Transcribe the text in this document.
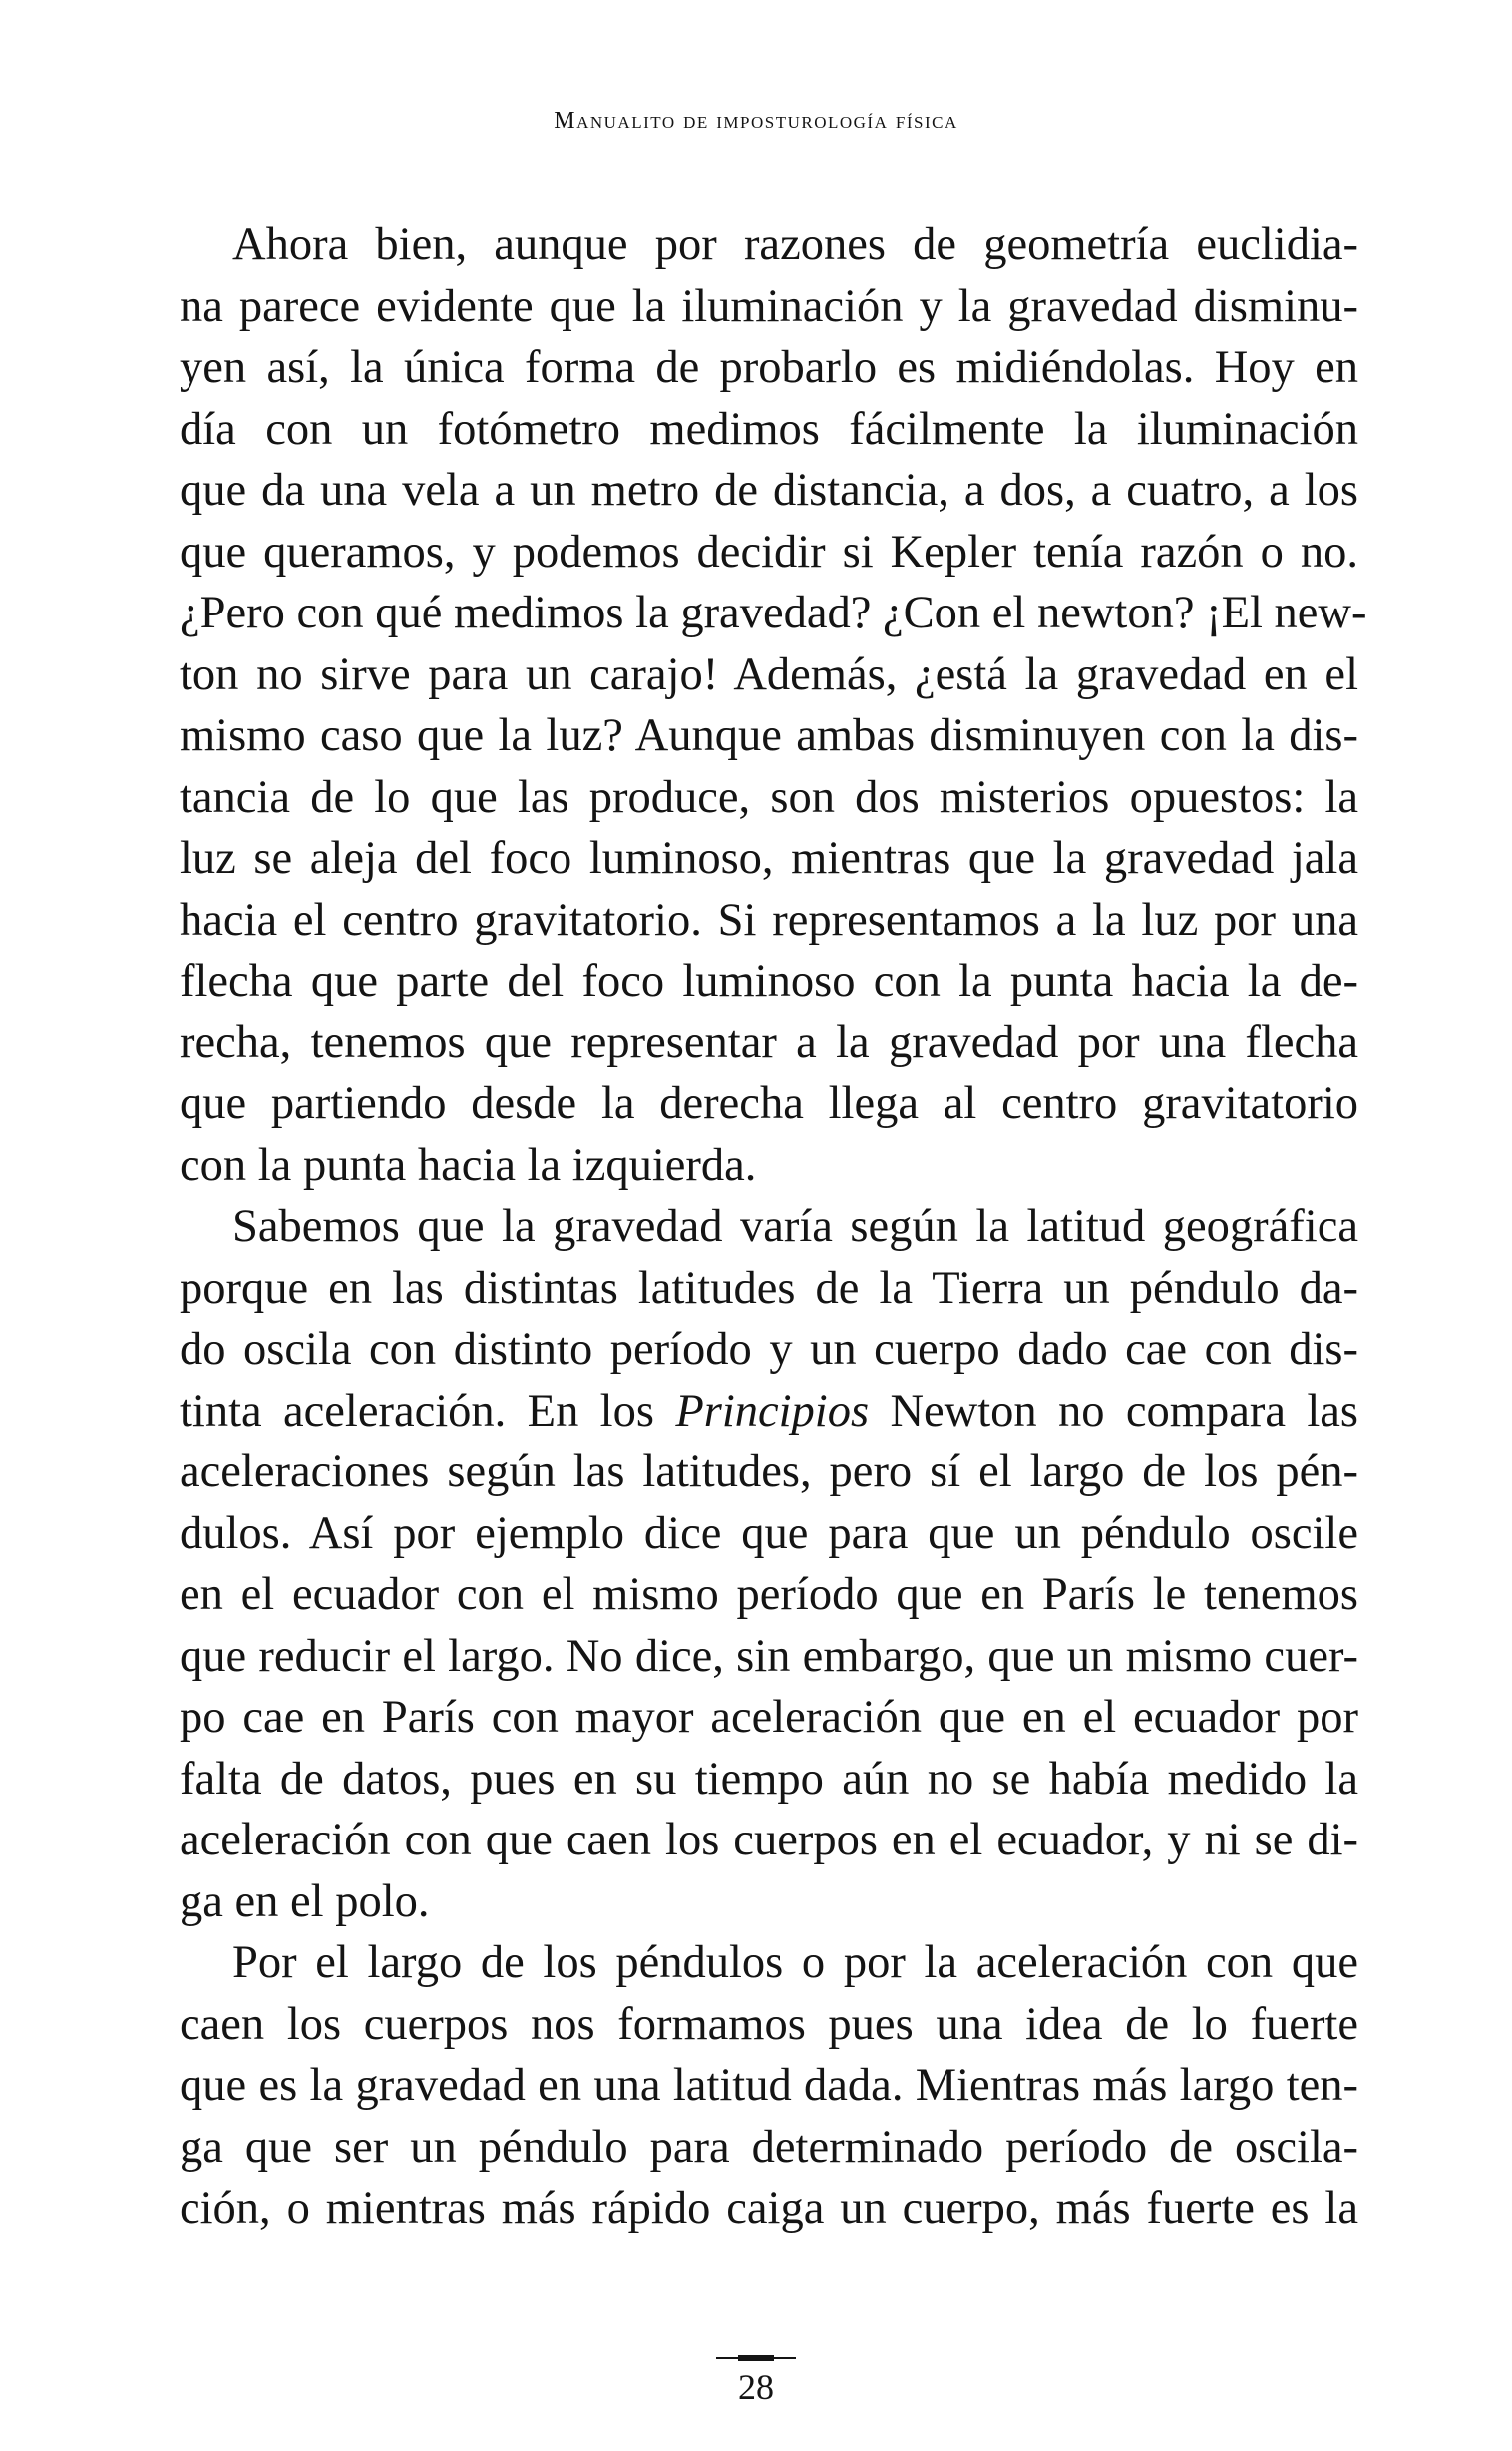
Manualito de imposturología física
Ahora bien, aunque por razones de geometría euclidia-
na parece evidente que la iluminación y la gravedad disminu-
yen así, la única forma de probarlo es midiéndolas. Hoy en
día con un fotómetro medimos fácilmente la iluminación
que da una vela a un metro de distancia, a dos, a cuatro, a los
que queramos, y podemos decidir si Kepler tenía razón o no.
¿Pero con qué medimos la gravedad? ¿Con el newton? ¡El new-
ton no sirve para un carajo! Además, ¿está la gravedad en el
mismo caso que la luz? Aunque ambas disminuyen con la dis-
tancia de lo que las produce, son dos misterios opuestos: la
luz se aleja del foco luminoso, mientras que la gravedad jala
hacia el centro gravitatorio. Si representamos a la luz por una
flecha que parte del foco luminoso con la punta hacia la de-
recha, tenemos que representar a la gravedad por una flecha
que partiendo desde la derecha llega al centro gravitatorio
con la punta hacia la izquierda.
Sabemos que la gravedad varía según la latitud geográfica
porque en las distintas latitudes de la Tierra un péndulo da-
do oscila con distinto período y un cuerpo dado cae con dis-
tinta aceleración. En los Principios Newton no compara las
aceleraciones según las latitudes, pero sí el largo de los pén-
dulos. Así por ejemplo dice que para que un péndulo oscile
en el ecuador con el mismo período que en París le tenemos
que reducir el largo. No dice, sin embargo, que un mismo cuer-
po cae en París con mayor aceleración que en el ecuador por
falta de datos, pues en su tiempo aún no se había medido la
aceleración con que caen los cuerpos en el ecuador, y ni se di-
ga en el polo.
Por el largo de los péndulos o por la aceleración con que
caen los cuerpos nos formamos pues una idea de lo fuerte
que es la gravedad en una latitud dada. Mientras más largo ten-
ga que ser un péndulo para determinado período de oscila-
ción, o mientras más rápido caiga un cuerpo, más fuerte es la
28
